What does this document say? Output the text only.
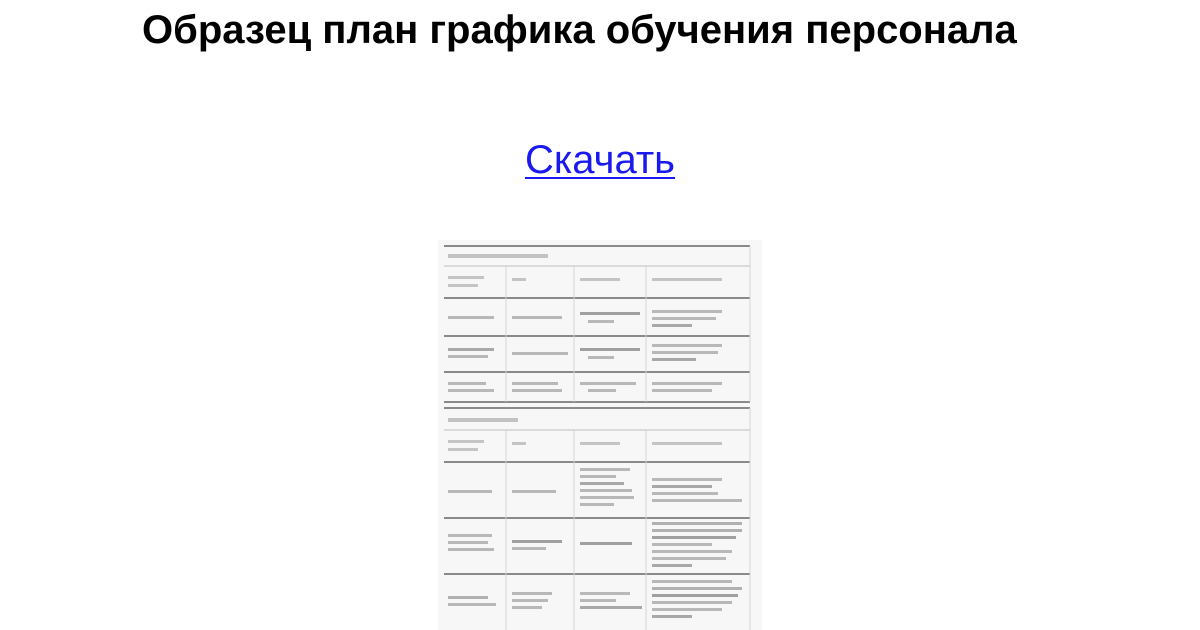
Образец план графика обучения персонала
Скачать
